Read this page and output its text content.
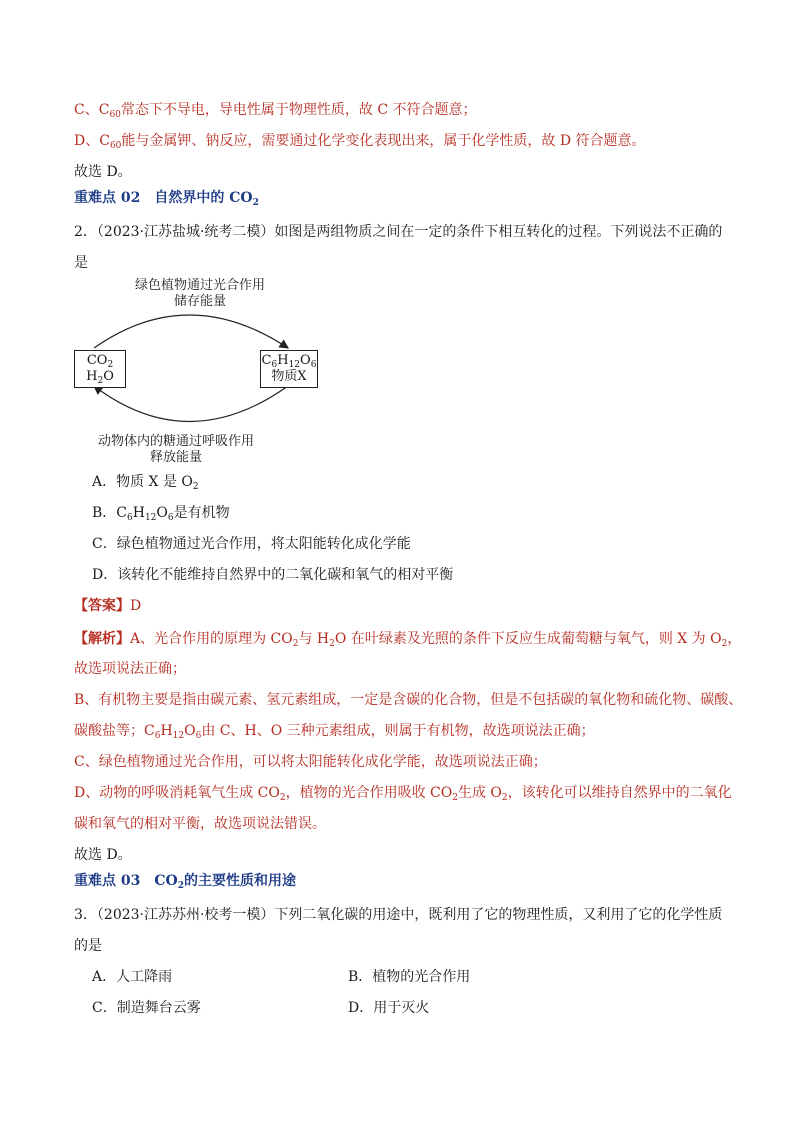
C、$C_{60}$常态下不导电，导电性属于物理性质，故 C 不符合题意；
D、$C_{60}$能与金属钾、钠反应，需要通过化学变化表现出来，属于化学性质，故 D 符合题意。
故选 D。
重难点 02　自然界中的 $CO_2$
2．（2023·江苏盐城·统考二模）如图是两组物质之间在一定的条件下相互转化的过程。下列说法不正确的
是
绿色植物通过光合作用
储存能量
$CO_2$
$H_2O$
$C_6H_{12}O_6$
物质X
动物体内的糖通过呼吸作用
释放能量
A．物质 X 是 $O_2$
B．$C_6H_{12}O_6$是有机物
C．绿色植物通过光合作用，将太阳能转化成化学能
D．该转化不能维持自然界中的二氧化碳和氧气的相对平衡
【答案】D
【解析】A、光合作用的原理为 $CO_2$与 $H_2O$ 在叶绿素及光照的条件下反应生成葡萄糖与氧气，则 X 为 $O_2$，
故选项说法正确；
B、有机物主要是指由碳元素、氢元素组成，一定是含碳的化合物，但是不包括碳的氧化物和硫化物、碳酸、
碳酸盐等；$C_6H_{12}O_6$由 C、H、O 三种元素组成，则属于有机物，故选项说法正确；
C、绿色植物通过光合作用，可以将太阳能转化成化学能，故选项说法正确；
D、动物的呼吸消耗氧气生成 $CO_2$，植物的光合作用吸收 $CO_2$生成 $O_2$，该转化可以维持自然界中的二氧化
碳和氧气的相对平衡，故选项说法错误。
故选 D。
重难点 03　$CO_2$的主要性质和用途
3．（2023·江苏苏州·校考一模）下列二氧化碳的用途中，既利用了它的物理性质，又利用了它的化学性质
的是
A．人工降雨	B．植物的光合作用
C．制造舞台云雾	D．用于灭火
